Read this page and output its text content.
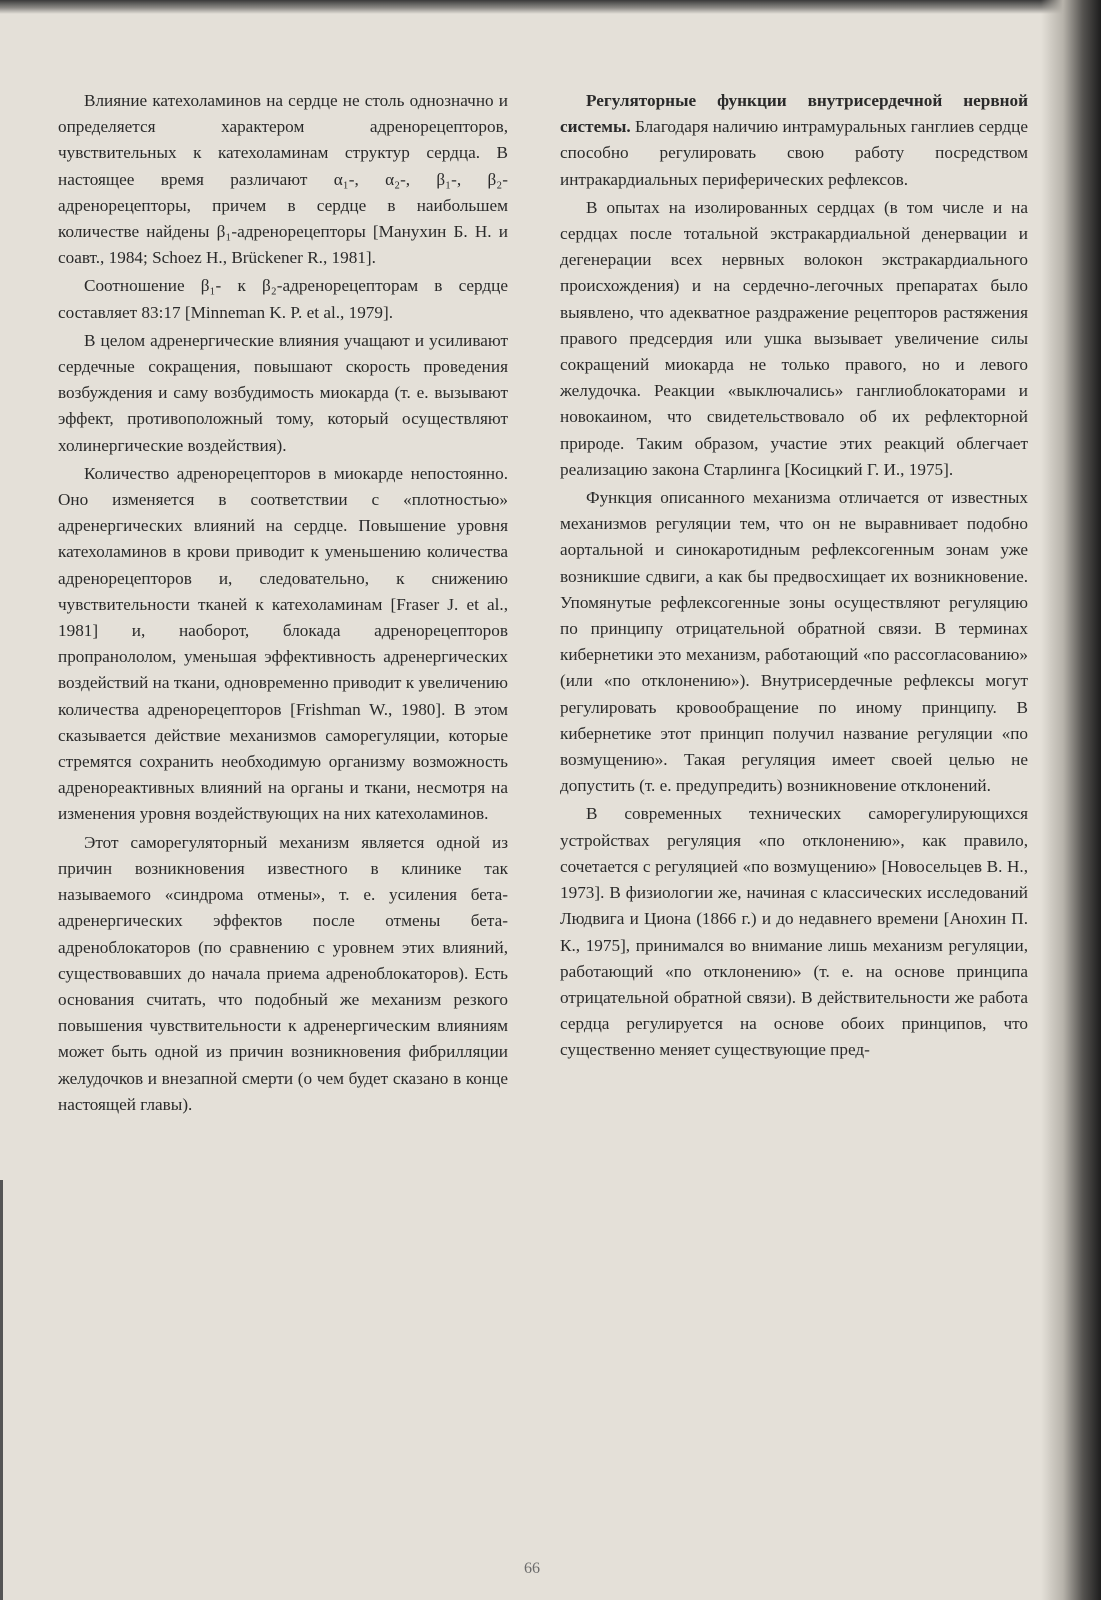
Влияние катехоламинов на сердце не столь однозначно и определяется характером адренорецепторов, чувствительных к катехоламинам структур сердца. В настоящее время различают α₁-, α₂-, β₁-, β₂-адренорецепторы, причем в сердце в наибольшем количестве найдены β₁-адренорецепторы [Манухин Б. Н. и соавт., 1984; Schoez H., Brückener R., 1981].

Соотношение β₁- к β₂-адренорецепторам в сердце составляет 83:17 [Minneman K. P. et al., 1979].

В целом адренергические влияния учащают и усиливают сердечные сокращения, повышают скорость проведения возбуждения и саму возбудимость миокарда (т. е. вызывают эффект, противоположный тому, который осуществляют холинергические воздействия).

Количество адренорецепторов в миокарде непостоянно. Оно изменяется в соответствии с «плотностью» адренергических влияний на сердце. Повышение уровня катехоламинов в крови приводит к уменьшению количества адренорецепторов и, следовательно, к снижению чувствительности тканей к катехоламинам [Fraser J. et al., 1981] и, наоборот, блокада адренорецепторов пропранололом, уменьшая эффективность адренергических воздействий на ткани, одновременно приводит к увеличению количества адренорецепторов [Frishman W., 1980]. В этом сказывается действие механизмов саморегуляции, которые стремятся сохранить необходимую организму возможность адренореактивных влияний на органы и ткани, несмотря на изменения уровня воздействующих на них катехоламинов.

Этот саморегуляторный механизм является одной из причин возникновения известного в клинике так называемого «синдрома отмены», т. е. усиления бета-адренергических эффектов после отмены бета-адреноблокаторов (по сравнению с уровнем этих влияний, существовавших до начала приема адреноблокаторов). Есть основания считать, что подобный же механизм резкого повышения чувствительности к адренергическим влияниям может быть одной из причин возникновения фибрилляции желудочков и внезапной смерти (о чем будет сказано в конце настоящей главы).

Регуляторные функции внутрисердечной нервной системы. Благодаря наличию интрамуральных ганглиев сердце способно регулировать свою работу посредством интракардиальных периферических рефлексов.

В опытах на изолированных сердцах (в том числе и на сердцах после тотальной экстракардиальной денервации и дегенерации всех нервных волокон экстракардиального происхождения) и на сердечно-легочных препаратах было выявлено, что адекватное раздражение рецепторов растяжения правого предсердия или ушка вызывает увеличение силы сокращений миокарда не только правого, но и левого желудочка. Реакции «выключались» ганглиоблокаторами и новокаином, что свидетельствовало об их рефлекторной природе. Таким образом, участие этих реакций облегчает реализацию закона Старлинга [Косицкий Г. И., 1975].

Функция описанного механизма отличается от известных механизмов регуляции тем, что он не выравнивает подобно аортальной и синокаротидным рефлексогенным зонам уже возникшие сдвиги, а как бы предвосхищает их возникновение. Упомянутые рефлексогенные зоны осуществляют регуляцию по принципу отрицательной обратной связи. В терминах кибернетики это механизм, работающий «по рассогласованию» (или «по отклонению»). Внутрисердечные рефлексы могут регулировать кровообращение по иному принципу. В кибернетике этот принцип получил название регуляции «по возмущению». Такая регуляция имеет своей целью не допустить (т. е. предупредить) возникновение отклонений.

В современных технических саморегулирующихся устройствах регуляция «по отклонению», как правило, сочетается с регуляцией «по возмущению» [Новосельцев В. Н., 1973]. В физиологии же, начиная с классических исследований Людвига и Циона (1866 г.) и до недавнего времени [Анохин П. К., 1975], принимался во внимание лишь механизм регуляции, работающий «по отклонению» (т. е. на основе принципа отрицательной обратной связи). В действительности же работа сердца регулируется на основе обоих принципов, что существенно меняет существующие пред-

66
